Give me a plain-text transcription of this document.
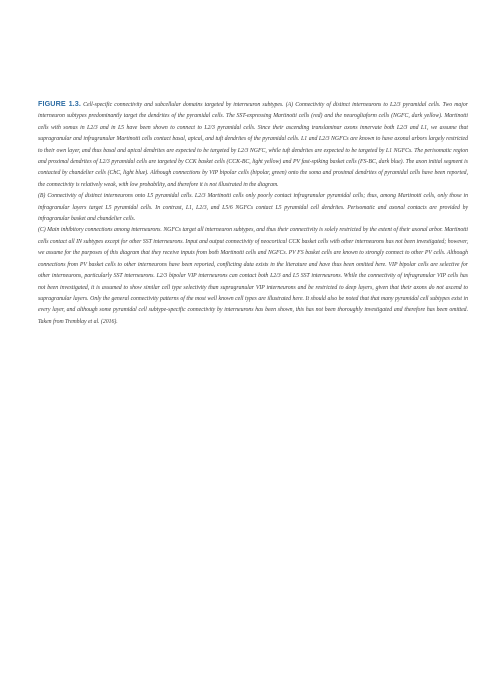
FIGURE 1.3. Cell-specific connectivity and subcellular domains targeted by interneuron subtypes. (A) Connectivity of distinct interneurons to L2/3 pyramidal cells. Two major interneuron subtypes predominantly target the dendrites of the pyramidal cells. The SST-expressing Martinotti cells (red) and the neurogliaform cells (NGFC, dark yellow). Martinotti cells with somas in L2/3 and in L5 have been shown to connect to L2/3 pyramidal cells. Since their ascending translaminar axons innervate both L2/3 and L1, we assume that supragranular and infragranular Martinotti cells contact basal, apical, and tuft dendrites of the pyramidal cells. L1 and L2/3 NGFCs are known to have axonal arbors largely restricted to their own layer, and thus basal and apical dendrites are expected to be targeted by L2/3 NGFC, while tuft dendrites are expected to be targeted by L1 NGFCs. The perisomatic region and proximal dendrites of L2/3 pyramidal cells are targeted by CCK basket cells (CCK-BC, light yellow) and PV fast-spiking basket cells (FS-BC, dark blue). The axon initial segment is contacted by chandelier cells (ChC, light blue). Although connections by VIP bipolar cells (bipolar, green) onto the soma and proximal dendrites of pyramidal cells have been reported, the connectivity is relatively weak, with low probability, and therefore it is not illustrated in the diagram.

(B) Connectivity of distinct interneurons onto L5 pyramidal cells. L2/3 Martinotti cells only poorly contact infragranular pyramidal cells; thus, among Martinotti cells, only those in infragranular layers target L5 pyramidal cells. In contrast, L1, L2/3, and L5/6 NGFCs contact L5 pyramidal cell dendrites. Perisomatic and axonal contacts are provided by infragranular basket and chandelier cells.

(C) Main inhibitory connections among interneurons. NGFCs target all interneuron subtypes, and thus their connectivity is solely restricted by the extent of their axonal arbor. Martinotti cells contact all IN subtypes except for other SST interneurons. Input and output connectivity of neocortical CCK basket cells with other interneurons has not been investigated; however, we assume for the purposes of this diagram that they receive inputs from both Martinotti cells and NGFCs. PV FS basket cells are known to strongly connect to other PV cells. Although connections from PV basket cells to other interneurons have been reported, conflicting data exists in the literature and have thus been omitted here. VIP bipolar cells are selective for other interneurons, particularly SST interneurons. L2/3 bipolar VIP interneurons can contact both L2/3 and L5 SST interneurons. While the connectivity of infragranular VIP cells has not been investigated, it is assumed to show similar cell type selectivity than supragranular VIP interneurons and be restricted to deep layers, given that their axons do not ascend to supragranular layers. Only the general connectivity patterns of the most well known cell types are illustrated here. It should also be noted that that many pyramidal cell subtypes exist in every layer, and although some pyramidal cell subtype-specific connectivity by interneurons has been shown, this has not been thoroughly investigated and therefore has been omitted. Taken from Tremblay et al. (2016).
